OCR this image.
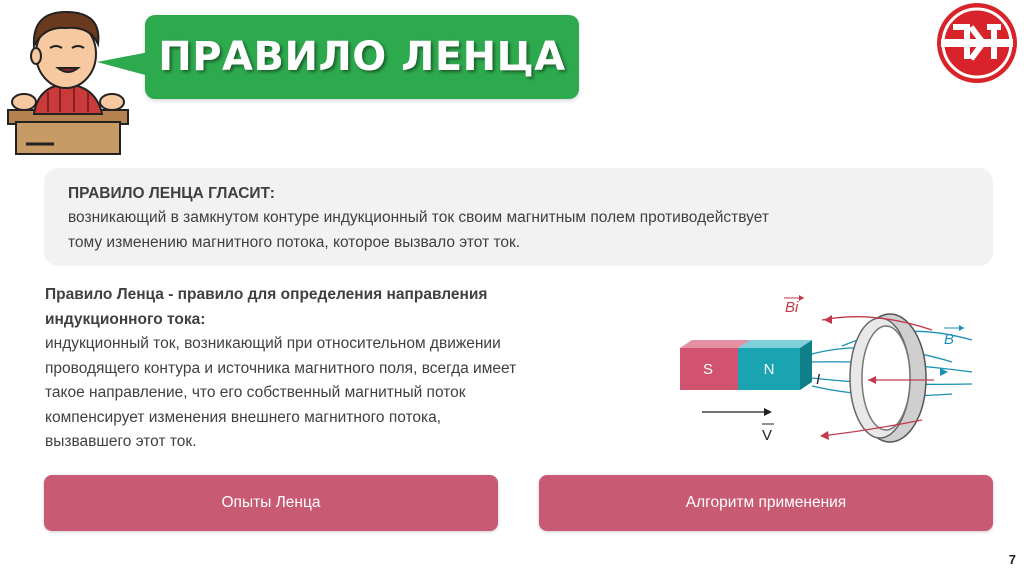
ПРАВИЛО ЛЕНЦА
ПРАВИЛО ЛЕНЦА ГЛАСИТ:
возникающий в замкнутом контуре индукционный ток своим магнитным полем противодействует
тому изменению магнитного потока, которое вызвало этот ток.
Правило Ленца - правило для определения направления
индукционного тока:
индукционный ток, возникающий при относительном движении
проводящего контура и источника магнитного поля, всегда имеет
такое направление, что его собственный магнитный поток
компенсирует изменения внешнего магнитного потока,
вызвавшего этот ток.
S	N
Bi
B
I
V
Опыты Ленца	Алгоритм применения
7
